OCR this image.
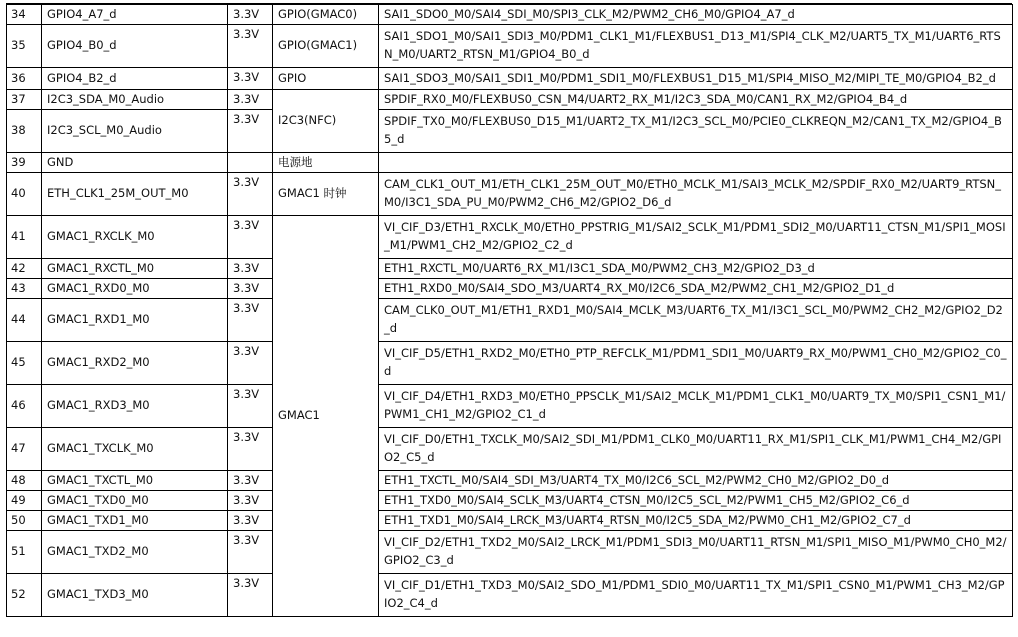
34	GPIO4_A7_d	3.3V	GPIO(GMAC0)	SAI1_SDO0_M0/SAI4_SDI_M0/SPI3_CLK_M2/PWM2_CH6_M0/GPIO4_A7_d
35	GPIO4_B0_d	3.3V	GPIO(GMAC1)	SAI1_SDO1_M0/SAI1_SDI3_M0/PDM1_CLK1_M1/FLEXBUS1_D13_M1/SPI4_CLK_M2/UART5_TX_M1/UART6_RTSN_M0/UART2_RTSN_M1/GPIO4_B0_d
36	GPIO4_B2_d	3.3V	GPIO	SAI1_SDO3_M0/SAI1_SDI1_M0/PDM1_SDI1_M0/FLEXBUS1_D15_M1/SPI4_MISO_M2/MIPI_TE_M0/GPIO4_B2_d
37	I2C3_SDA_M0_Audio	3.3V	I2C3(NFC)	SPDIF_RX0_M0/FLEXBUS0_CSN_M4/UART2_RX_M1/I2C3_SDA_M0/CAN1_RX_M2/GPIO4_B4_d
38	I2C3_SCL_M0_Audio	3.3V		SPDIF_TX0_M0/FLEXBUS0_D15_M1/UART2_TX_M1/I2C3_SCL_M0/PCIE0_CLKREQN_M2/CAN1_TX_M2/GPIO4_B5_d
39	GND		电源地	
40	ETH_CLK1_25M_OUT_M0	3.3V	GMAC1 时钟	CAM_CLK1_OUT_M1/ETH_CLK1_25M_OUT_M0/ETH0_MCLK_M1/SAI3_MCLK_M2/SPDIF_RX0_M2/UART9_RTSN_M0/I3C1_SDA_PU_M0/PWM2_CH6_M2/GPIO2_D6_d
41	GMAC1_RXCLK_M0	3.3V	GMAC1	VI_CIF_D3/ETH1_RXCLK_M0/ETH0_PPSTRIG_M1/SAI2_SCLK_M1/PDM1_SDI2_M0/UART11_CTSN_M1/SPI1_MOSI_M1/PWM1_CH2_M2/GPIO2_C2_d
42	GMAC1_RXCTL_M0	3.3V		ETH1_RXCTL_M0/UART6_RX_M1/I3C1_SDA_M0/PWM2_CH3_M2/GPIO2_D3_d
43	GMAC1_RXD0_M0	3.3V		ETH1_RXD0_M0/SAI4_SDO_M3/UART4_RX_M0/I2C6_SDA_M2/PWM2_CH1_M2/GPIO2_D1_d
44	GMAC1_RXD1_M0	3.3V		CAM_CLK0_OUT_M1/ETH1_RXD1_M0/SAI4_MCLK_M3/UART6_TX_M1/I3C1_SCL_M0/PWM2_CH2_M2/GPIO2_D2_d
45	GMAC1_RXD2_M0	3.3V		VI_CIF_D5/ETH1_RXD2_M0/ETH0_PTP_REFCLK_M1/PDM1_SDI1_M0/UART9_RX_M0/PWM1_CH0_M2/GPIO2_C0_d
46	GMAC1_RXD3_M0	3.3V		VI_CIF_D4/ETH1_RXD3_M0/ETH0_PPSCLK_M1/SAI2_MCLK_M1/PDM1_CLK1_M0/UART9_TX_M0/SPI1_CSN1_M1/PWM1_CH1_M2/GPIO2_C1_d
47	GMAC1_TXCLK_M0	3.3V		VI_CIF_D0/ETH1_TXCLK_M0/SAI2_SDI_M1/PDM1_CLK0_M0/UART11_RX_M1/SPI1_CLK_M1/PWM1_CH4_M2/GPIO2_C5_d
48	GMAC1_TXCTL_M0	3.3V		ETH1_TXCTL_M0/SAI4_SDI_M3/UART4_TX_M0/I2C6_SCL_M2/PWM2_CH0_M2/GPIO2_D0_d
49	GMAC1_TXD0_M0	3.3V		ETH1_TXD0_M0/SAI4_SCLK_M3/UART4_CTSN_M0/I2C5_SCL_M2/PWM1_CH5_M2/GPIO2_C6_d
50	GMAC1_TXD1_M0	3.3V		ETH1_TXD1_M0/SAI4_LRCK_M3/UART4_RTSN_M0/I2C5_SDA_M2/PWM0_CH1_M2/GPIO2_C7_d
51	GMAC1_TXD2_M0	3.3V		VI_CIF_D2/ETH1_TXD2_M0/SAI2_LRCK_M1/PDM1_SDI3_M0/UART11_RTSN_M1/SPI1_MISO_M1/PWM0_CH0_M2/GPIO2_C3_d
52	GMAC1_TXD3_M0	3.3V		VI_CIF_D1/ETH1_TXD3_M0/SAI2_SDO_M1/PDM1_SDI0_M0/UART11_TX_M1/SPI1_CSN0_M1/PWM1_CH3_M2/GPIO2_C4_d
